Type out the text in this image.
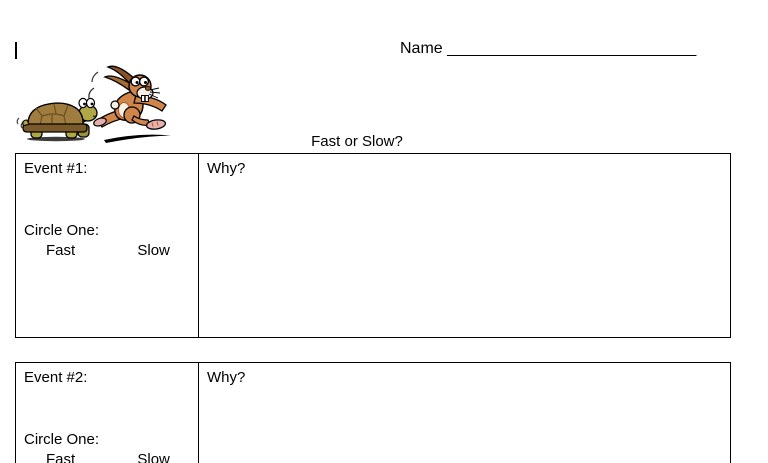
Name ____________________________
Fast or Slow?
Event #1:
Circle One:
Fast	Slow
Why?
Event #2:
Circle One:
Fast	Slow
Why?
